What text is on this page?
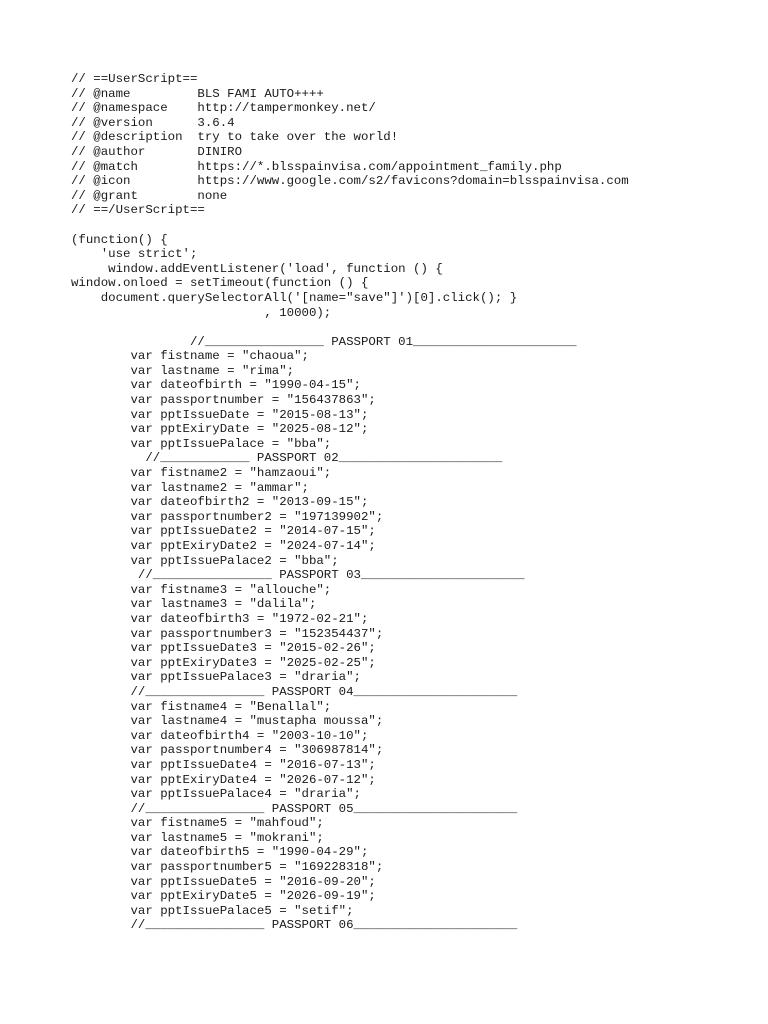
// ==UserScript==
// @name         BLS FAMI AUTO++++
// @namespace    http://tampermonkey.net/
// @version      3.6.4
// @description  try to take over the world!
// @author       DINIRO
// @match        https://*.blsspainvisa.com/appointment_family.php
// @icon         https://www.google.com/s2/favicons?domain=blsspainvisa.com
// @grant        none
// ==/UserScript==
(function() {
'use strict';
window.addEventListener('load', function () {
window.onloed = setTimeout(function () {
document.querySelectorAll('[name="save"]')[0].click(); }
, 10000);
//________________ PASSPORT 01______________________
var fistname = "chaoua";
var lastname = "rima";
var dateofbirth = "1990-04-15";
var passportnumber = "156437863";
var pptIssueDate = "2015-08-13";
var pptExiryDate = "2025-08-12";
var pptIssuePalace = "bba";
//____________ PASSPORT 02______________________
var fistname2 = "hamzaoui";
var lastname2 = "ammar";
var dateofbirth2 = "2013-09-15";
var passportnumber2 = "197139902";
var pptIssueDate2 = "2014-07-15";
var pptExiryDate2 = "2024-07-14";
var pptIssuePalace2 = "bba";
//________________ PASSPORT 03______________________
var fistname3 = "allouche";
var lastname3 = "dalila";
var dateofbirth3 = "1972-02-21";
var passportnumber3 = "152354437";
var pptIssueDate3 = "2015-02-26";
var pptExiryDate3 = "2025-02-25";
var pptIssuePalace3 = "draria";
//________________ PASSPORT 04______________________
var fistname4 = "Benallal";
var lastname4 = "mustapha moussa";
var dateofbirth4 = "2003-10-10";
var passportnumber4 = "306987814";
var pptIssueDate4 = "2016-07-13";
var pptExiryDate4 = "2026-07-12";
var pptIssuePalace4 = "draria";
//________________ PASSPORT 05______________________
var fistname5 = "mahfoud";
var lastname5 = "mokrani";
var dateofbirth5 = "1990-04-29";
var passportnumber5 = "169228318";
var pptIssueDate5 = "2016-09-20";
var pptExiryDate5 = "2026-09-19";
var pptIssuePalace5 = "setif";
//________________ PASSPORT 06______________________
